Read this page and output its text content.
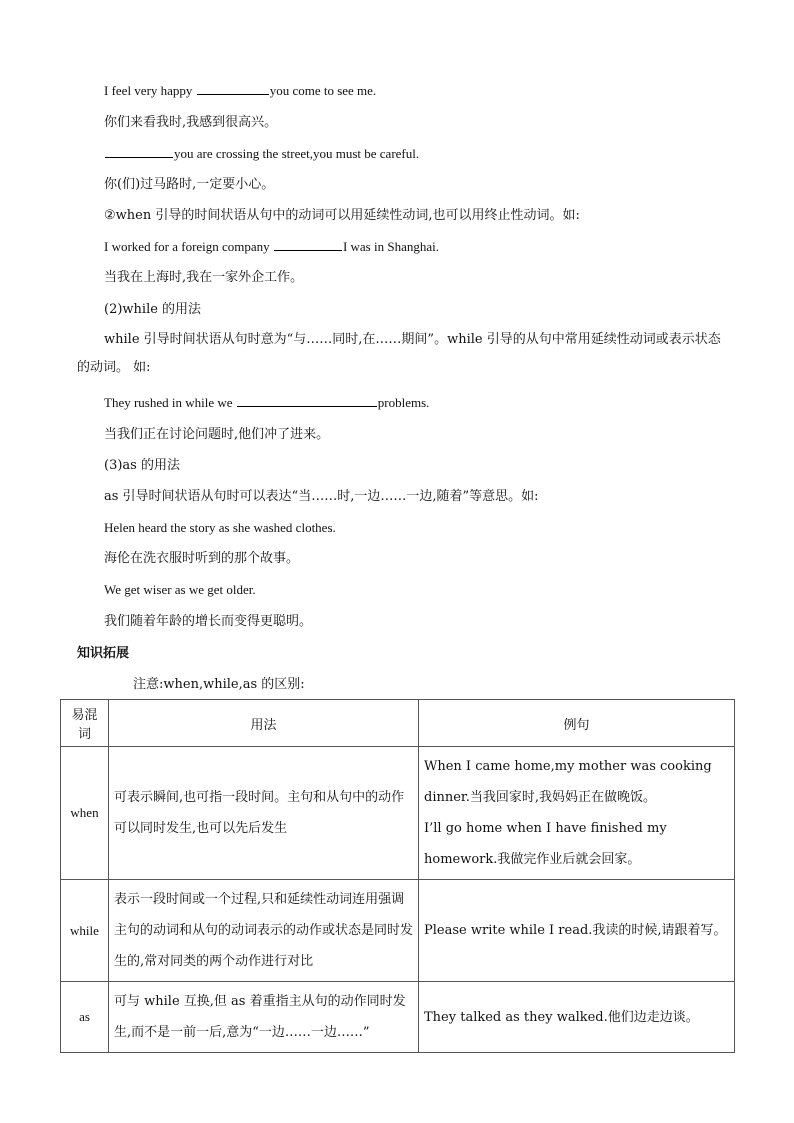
I feel very happy	you come to see me.
你们来看我时,我感到很高兴。
you are crossing the street,you must be careful.
你(们)过马路时,一定要小心。
②when 引导的时间状语从句中的动词可以用延续性动词,也可以用终止性动词。如:
I worked for a foreign company	I was in Shanghai.
当我在上海时,我在一家外企工作。
(2)while 的用法
while 引导时间状语从句时意为“与……同时,在……期间”。while 引导的从句中常用延续性动词或表示状态的动词。 如:
They rushed in while we	problems.
当我们正在讨论问题时,他们冲了进来。
(3)as 的用法
as 引导时间状语从句时可以表达“当……时,一边……一边,随着”等意思。如:
Helen heard the story as she washed clothes.
海伦在洗衣服时听到的那个故事。
We get wiser as we get older.
我们随着年龄的增长而变得更聪明。
知识拓展
注意:when,while,as 的区别:
易混词	用法	例句
when	可表示瞬间,也可指一段时间。主句和从句中的动作可以同时发生,也可以先后发生	When I came home,my mother was cooking dinner.当我回家时,我妈妈正在做晚饭。
I’ll go home when I have finished my homework.我做完作业后就会回家。

while	表示一段时间或一个过程,只和延续性动词连用强调主句的动词和从句的动词表示的动作或状态是同时发生的,常对同类的两个动作进行对比	Please write while I read.我读的时候,请跟着写。

as	可与 while 互换,但 as 着重指主从句的动作同时发生,而不是一前一后,意为“一边……一边……”	They talked as they walked.他们边走边谈。
